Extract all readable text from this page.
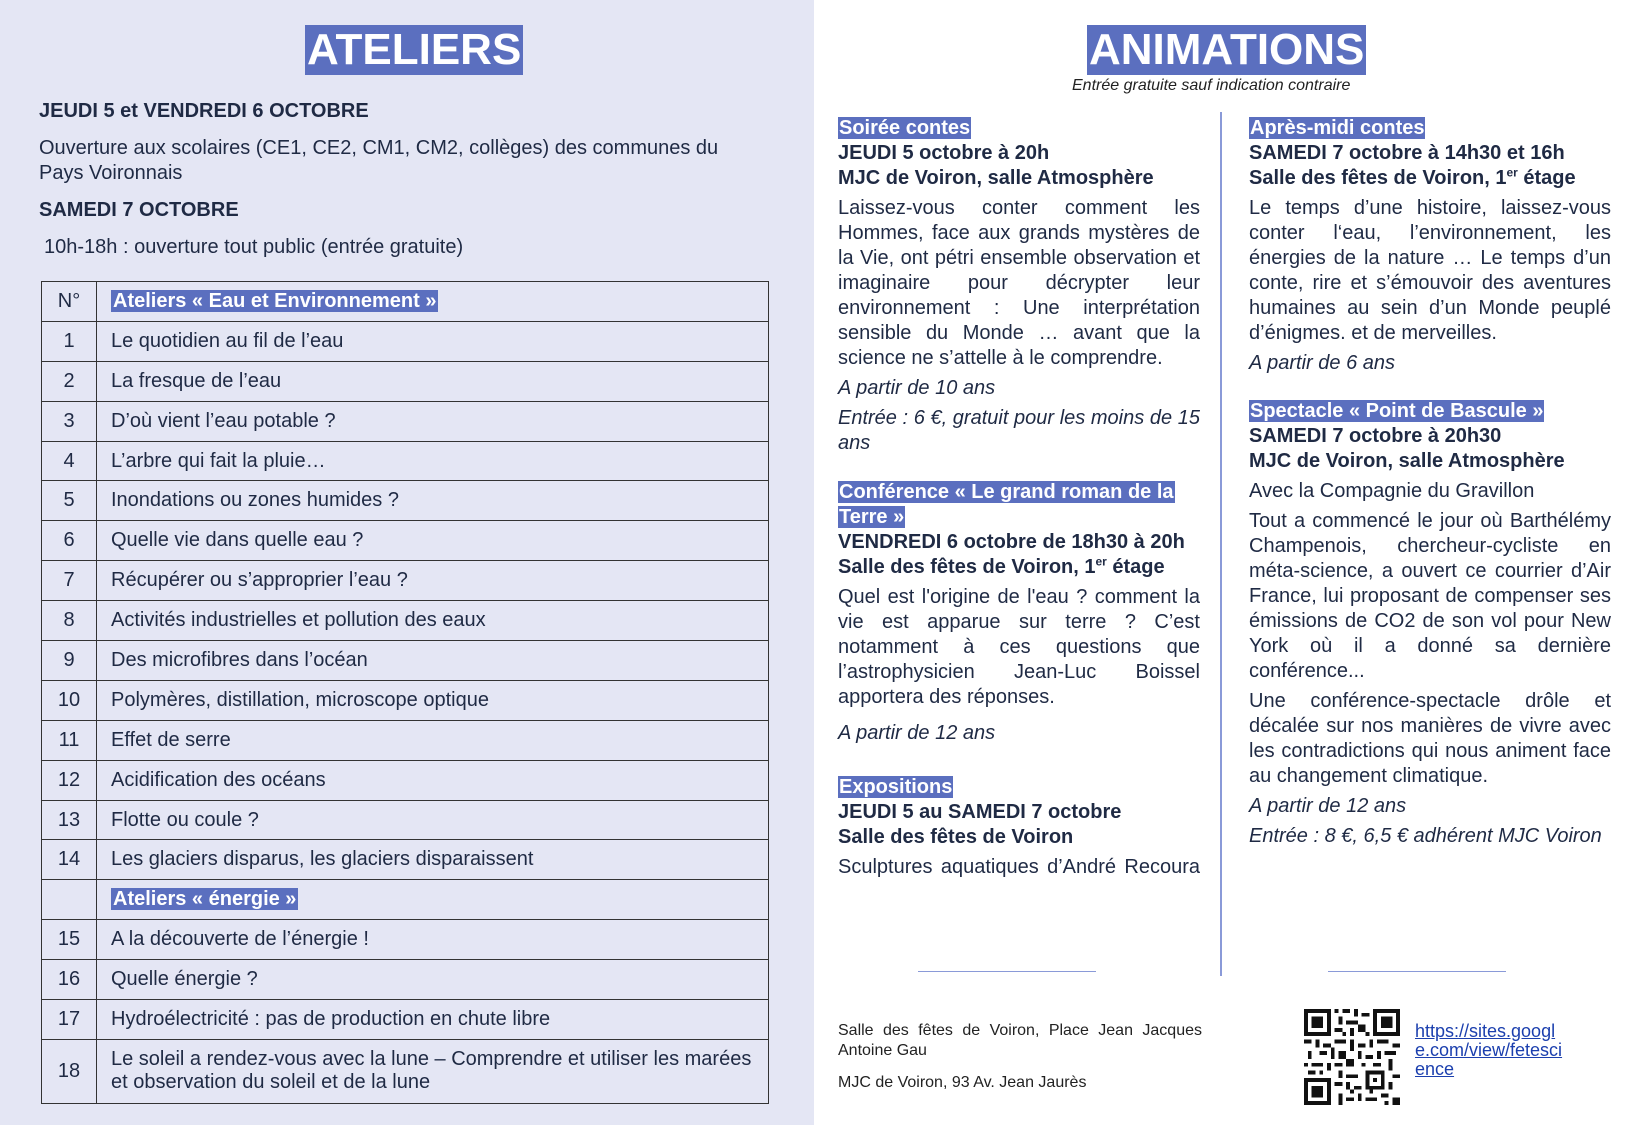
ATELIERS
JEUDI 5 et VENDREDI 6 OCTOBRE
Ouverture aux scolaires (CE1, CE2, CM1, CM2, collèges) des communes du Pays Voironnais
SAMEDI 7 OCTOBRE
10h-18h : ouverture tout public (entrée gratuite)
N°	Ateliers « Eau et Environnement »
1	Le quotidien au fil de l’eau
2	La fresque de l’eau
3	D’où vient l’eau potable ?
4	L’arbre qui fait la pluie…
5	Inondations ou zones humides ?
6	Quelle vie dans quelle eau ?
7	Récupérer ou s’approprier l’eau ?
8	Activités industrielles et pollution des eaux
9	Des microfibres dans l’océan
10	Polymères, distillation, microscope optique
11	Effet de serre
12	Acidification des océans
13	Flotte ou coule ?
14	Les glaciers disparus, les glaciers disparaissent
	Ateliers « énergie »
15	A la découverte de l’énergie !
16	Quelle énergie ?
17	Hydroélectricité : pas de production en chute libre
18	Le soleil a rendez-vous avec la lune – Comprendre et utiliser les marées et observation du soleil et de la lune
ANIMATIONS
Entrée gratuite sauf indication contraire
Soirée contes
JEUDI 5 octobre à 20h
MJC de Voiron, salle Atmosphère
Laissez-vous conter comment les Hommes, face aux grands mystères de la Vie, ont pétri ensemble observation et imaginaire pour décrypter leur environnement : Une interprétation sensible du Monde … avant que la science ne s’attelle à le comprendre.
A partir de 10 ans
Entrée : 6 €, gratuit pour les moins de 15 ans
Conférence « Le grand roman de la Terre »
VENDREDI 6 octobre de 18h30 à 20h
Salle des fêtes de Voiron, 1er étage
Quel est l'origine de l'eau ? comment la vie est apparue sur terre ? C’est notamment à ces questions que l’astrophysicien Jean-Luc Boissel apportera des réponses.
A partir de 12 ans
Expositions
JEUDI 5 au SAMEDI 7 octobre
Salle des fêtes de Voiron
Sculptures aquatiques d’André Recoura
Après-midi contes
SAMEDI 7 octobre à 14h30 et 16h
Salle des fêtes de Voiron, 1er étage
Le temps d’une histoire, laissez-vous conter l‘eau, l’environnement, les énergies de la nature … Le temps d’un conte, rire et s’émouvoir des aventures humaines au sein d’un Monde peuplé d’énigmes. et de merveilles.
A partir de 6 ans
Spectacle « Point de Bascule »
SAMEDI 7 octobre à 20h30
MJC de Voiron, salle Atmosphère
Avec la Compagnie du Gravillon
Tout a commencé le jour où Barthélémy Champenois, chercheur-cycliste en méta-science, a ouvert ce courrier d’Air France, lui proposant de compenser ses émissions de CO2 de son vol pour New York où il a donné sa dernière conférence...
Une conférence-spectacle drôle et décalée sur nos manières de vivre avec les contradictions qui nous animent face au changement climatique.
A partir de 12 ans
Entrée : 8 €, 6,5 € adhérent MJC Voiron
Salle des fêtes de Voiron, Place Jean Jacques Antoine Gau
MJC de Voiron, 93 Av. Jean Jaurès
https://sites.google.com/view/fetescience
